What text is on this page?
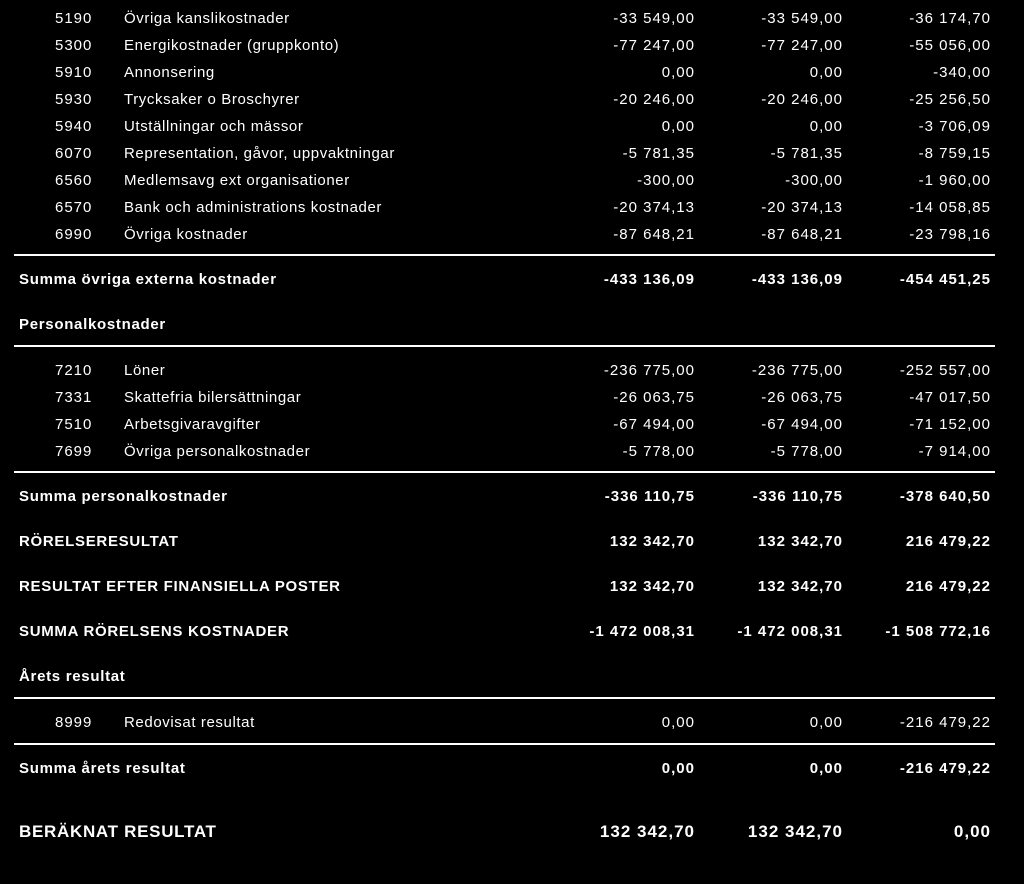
5190	Övriga kanslikostnader	-33 549,00	-33 549,00	-36 174,70
5300	Energikostnader (gruppkonto)	-77 247,00	-77 247,00	-55 056,00
5910	Annonsering	0,00	0,00	-340,00
5930	Trycksaker o Broschyrer	-20 246,00	-20 246,00	-25 256,50
5940	Utställningar och mässor	0,00	0,00	-3 706,09
6070	Representation, gåvor, uppvaktningar	-5 781,35	-5 781,35	-8 759,15
6560	Medlemsavg ext organisationer	-300,00	-300,00	-1 960,00
6570	Bank och administrations kostnader	-20 374,13	-20 374,13	-14 058,85
6990	Övriga kostnader	-87 648,21	-87 648,21	-23 798,16
Summa övriga externa kostnader	-433 136,09	-433 136,09	-454 451,25
Personalkostnader
7210	Löner	-236 775,00	-236 775,00	-252 557,00
7331	Skattefria bilersättningar	-26 063,75	-26 063,75	-47 017,50
7510	Arbetsgivaravgifter	-67 494,00	-67 494,00	-71 152,00
7699	Övriga personalkostnader	-5 778,00	-5 778,00	-7 914,00
Summa personalkostnader	-336 110,75	-336 110,75	-378 640,50
RÖRELSERESULTAT	132 342,70	132 342,70	216 479,22
RESULTAT EFTER FINANSIELLA POSTER	132 342,70	132 342,70	216 479,22
SUMMA RÖRELSENS KOSTNADER	-1 472 008,31	-1 472 008,31	-1 508 772,16
Årets resultat
8999	Redovisat resultat	0,00	0,00	-216 479,22
Summa årets resultat	0,00	0,00	-216 479,22
BERÄKNAT RESULTAT	132 342,70	132 342,70	0,00
